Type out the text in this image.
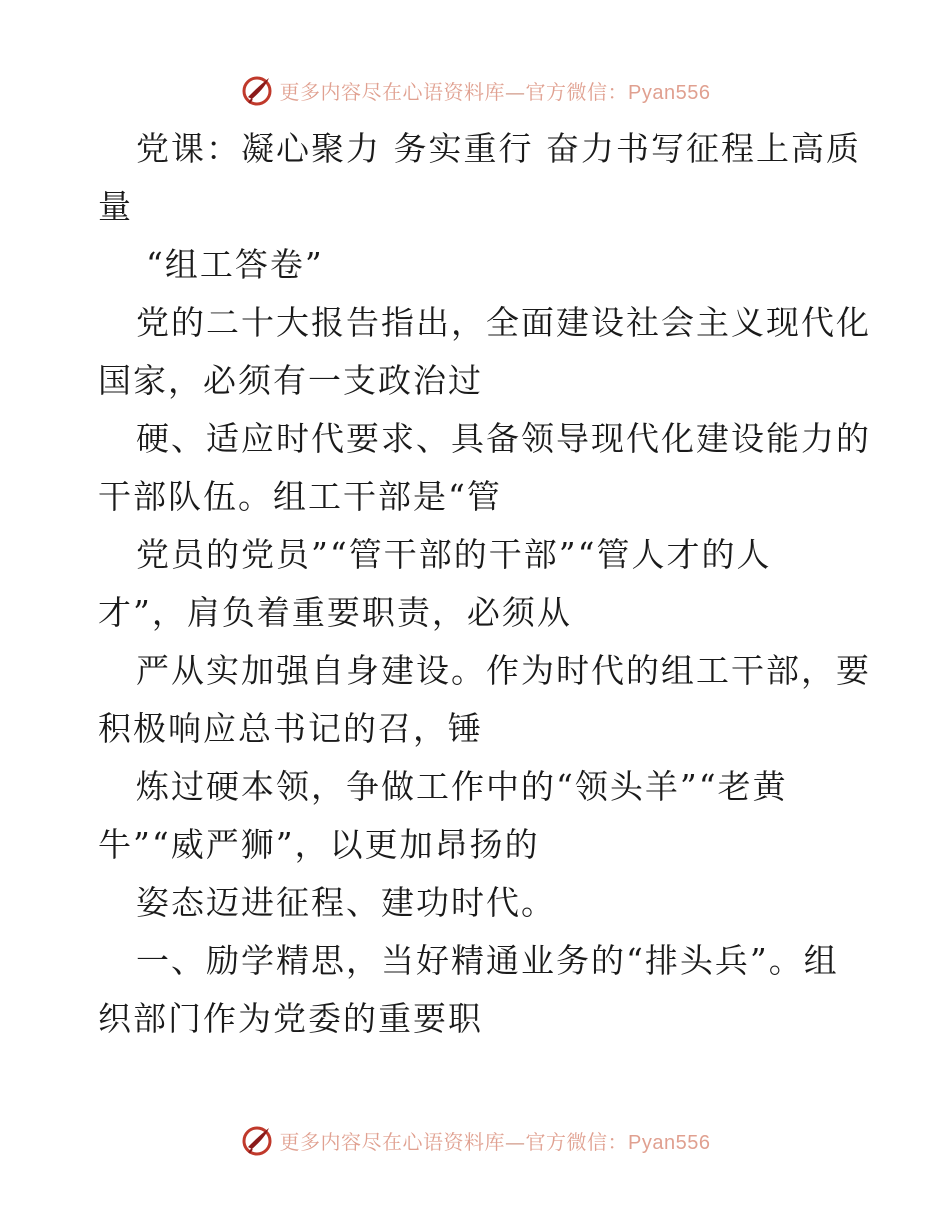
更多内容尽在心语资料库—官方微信：Pyan556
党课：凝心聚力 务实重行 奋力书写征程上高质
量
“组工答卷”
党的二十大报告指出，全面建设社会主义现代化
国家，必须有一支政治过
硬、适应时代要求、具备领导现代化建设能力的
干部队伍。组工干部是“管
党员的党员”“管干部的干部”“管人才的人
才”，肩负着重要职责，必须从
严从实加强自身建设。作为时代的组工干部，要
积极响应总书记的召，锤
炼过硬本领，争做工作中的“领头羊”“老黄
牛”“威严狮”，以更加昂扬的
姿态迈进征程、建功时代。
一、励学精思，当好精通业务的“排头兵”。组
织部门作为党委的重要职
更多内容尽在心语资料库—官方微信：Pyan556
